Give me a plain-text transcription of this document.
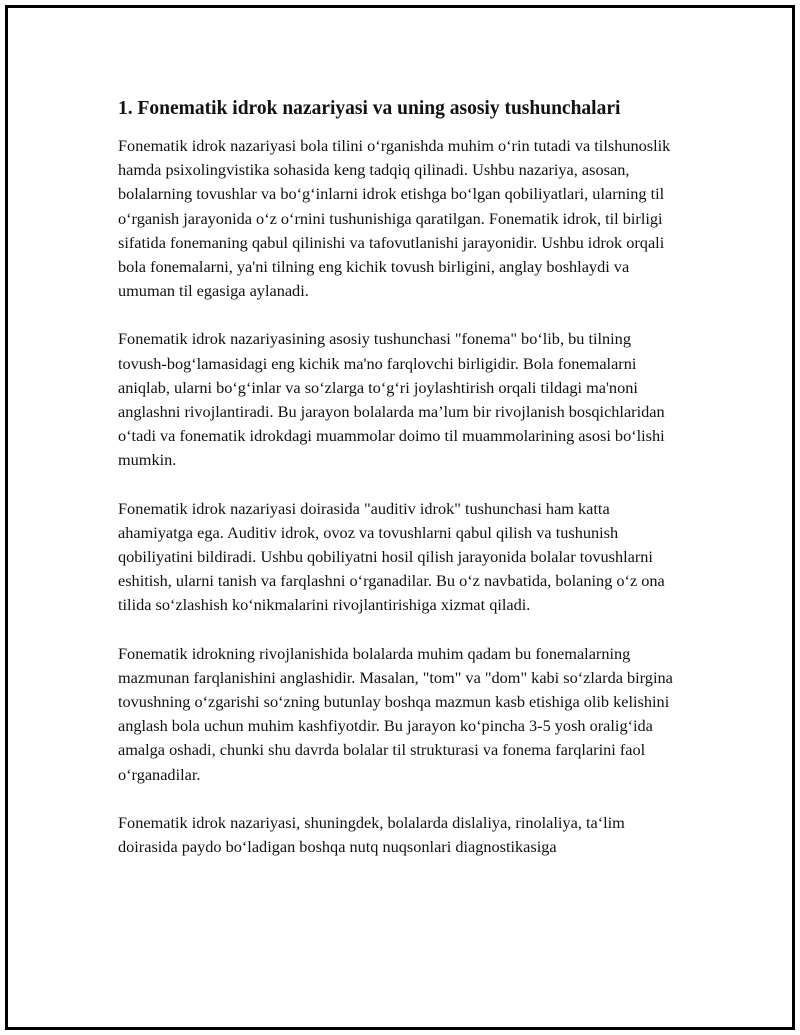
1. Fonematik idrok nazariyasi va uning asosiy tushunchalari

Fonematik idrok nazariyasi bola tilini o‘rganishda muhim o‘rin tutadi va tilshunoslik hamda psixolingvistika sohasida keng tadqiq qilinadi. Ushbu nazariya, asosan, bolalarning tovushlar va bo‘g‘inlarni idrok etishga bo‘lgan qobiliyatlari, ularning til o‘rganish jarayonida o‘z o‘rnini tushunishiga qaratilgan. Fonematik idrok, til birligi sifatida fonemaning qabul qilinishi va tafovutlanishi jarayonidir. Ushbu idrok orqali bola fonemalarni, ya'ni tilning eng kichik tovush birligini, anglay boshlaydi va umuman til egasiga aylanadi.

Fonematik idrok nazariyasining asosiy tushunchasi "fonema" bo‘lib, bu tilning tovush-bog‘lamasidagi eng kichik ma'no farqlovchi birligidir. Bola fonemalarni aniqlab, ularni bo‘g‘inlar va so‘zlarga to‘g‘ri joylashtirish orqali tildagi ma'noni anglashni rivojlantiradi. Bu jarayon bolalarda ma’lum bir rivojlanish bosqichlaridan o‘tadi va fonematik idrokdagi muammolar doimo til muammolarining asosi bo‘lishi mumkin.

Fonematik idrok nazariyasi doirasida "auditiv idrok" tushunchasi ham katta ahamiyatga ega. Auditiv idrok, ovoz va tovushlarni qabul qilish va tushunish qobiliyatini bildiradi. Ushbu qobiliyatni hosil qilish jarayonida bolalar tovushlarni eshitish, ularni tanish va farqlashni o‘rganadilar. Bu o‘z navbatida, bolaning o‘z ona tilida so‘zlashish ko‘nikmalarini rivojlantirishiga xizmat qiladi.

Fonematik idrokning rivojlanishida bolalarda muhim qadam bu fonemalarning mazmunan farqlanishini anglashidir. Masalan, "tom" va "dom" kabi so‘zlarda birgina tovushning o‘zgarishi so‘zning butunlay boshqa mazmun kasb etishiga olib kelishini anglash bola uchun muhim kashfiyotdir. Bu jarayon ko‘pincha 3-5 yosh oralig‘ida amalga oshadi, chunki shu davrda bolalar til strukturasi va fonema farqlarini faol o‘rganadilar.

Fonematik idrok nazariyasi, shuningdek, bolalarda dislaliya, rinolaliya, ta‘lim doirasida paydo bo‘ladigan boshqa nutq nuqsonlari diagnostikasiga
